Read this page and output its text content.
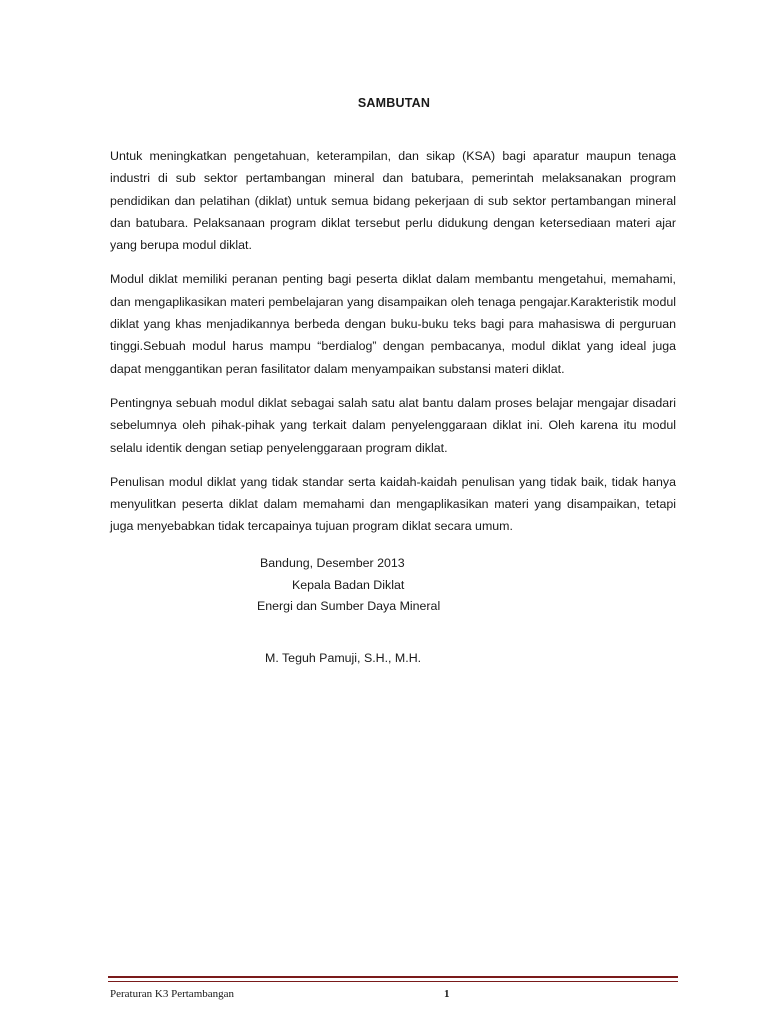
SAMBUTAN

Untuk meningkatkan pengetahuan, keterampilan, dan sikap (KSA) bagi aparatur maupun tenaga industri di sub sektor pertambangan mineral dan batubara, pemerintah melaksanakan program pendidikan dan pelatihan (diklat) untuk semua bidang pekerjaan di sub sektor pertambangan mineral dan batubara. Pelaksanaan program diklat tersebut perlu didukung dengan ketersediaan materi ajar yang berupa modul diklat.

Modul diklat memiliki peranan penting bagi peserta diklat dalam membantu mengetahui, memahami, dan mengaplikasikan materi pembelajaran yang disampaikan oleh tenaga pengajar.Karakteristik modul diklat yang khas menjadikannya berbeda dengan buku-buku teks bagi para mahasiswa di perguruan tinggi.Sebuah modul harus mampu “berdialog” dengan pembacanya, modul diklat yang ideal juga dapat menggantikan peran fasilitator dalam menyampaikan substansi materi diklat.

Pentingnya sebuah modul diklat sebagai salah satu alat bantu dalam proses belajar mengajar disadari sebelumnya oleh pihak-pihak yang terkait dalam penyelenggaraan diklat ini. Oleh karena itu modul selalu identik dengan setiap penyelenggaraan program diklat.

Penulisan modul diklat yang tidak standar serta kaidah-kaidah penulisan yang tidak baik, tidak hanya menyulitkan peserta diklat dalam memahami dan mengaplikasikan materi yang disampaikan, tetapi juga menyebabkan tidak tercapainya tujuan program diklat secara umum.

Bandung, Desember 2013
Kepala Badan Diklat
Energi dan Sumber Daya Mineral
M. Teguh Pamuji, S.H., M.H.
Peraturan K3 Pertambangan	1
